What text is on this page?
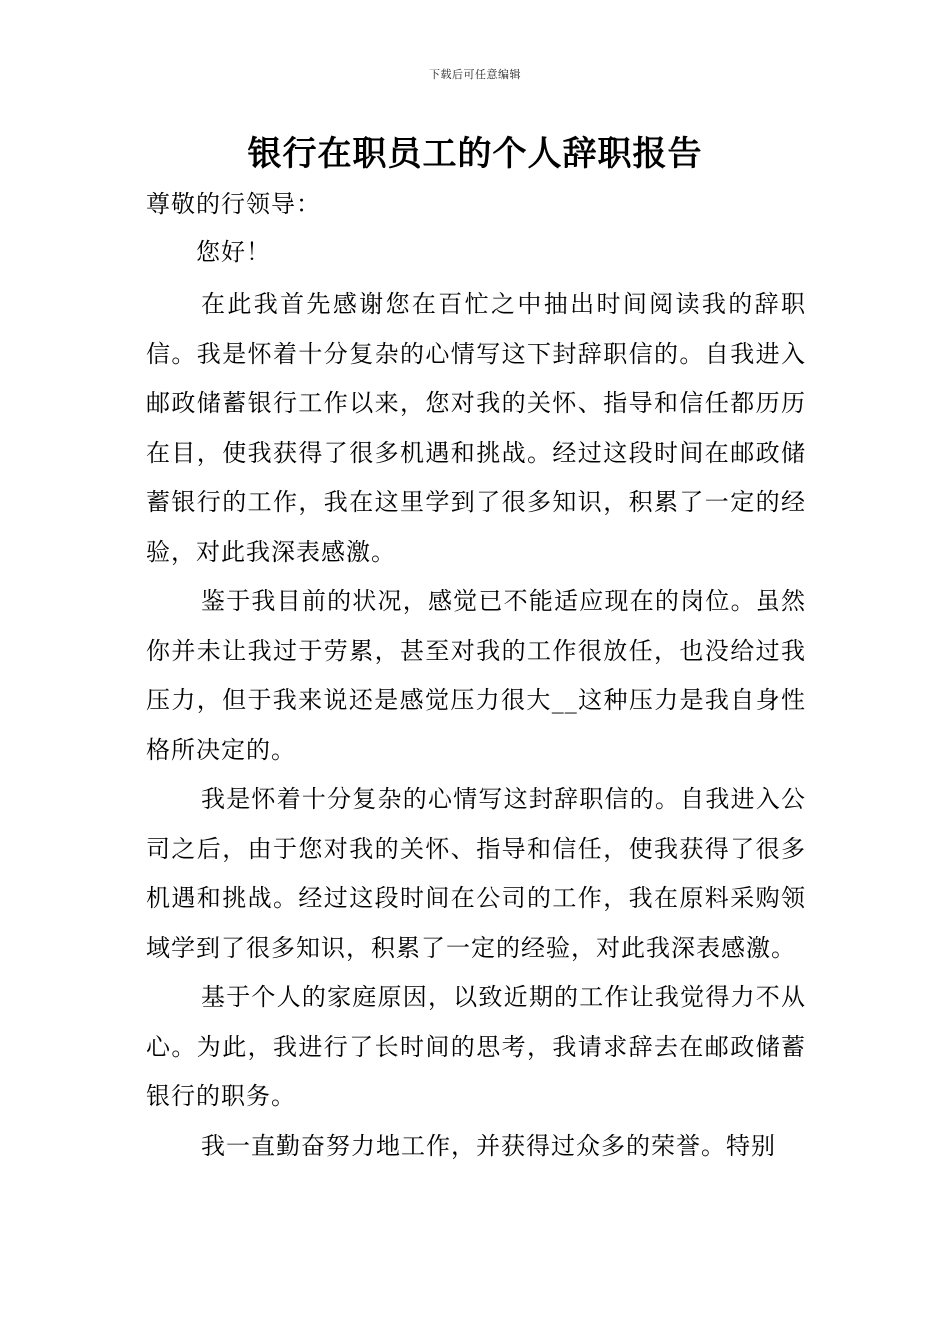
下载后可任意编辑
银行在职员工的个人辞职报告

尊敬的行领导：

您好！

在此我首先感谢您在百忙之中抽出时间阅读我的辞职信。我是怀着十分复杂的心情写这下封辞职信的。自我进入邮政储蓄银行工作以来，您对我的关怀、指导和信任都历历在目，使我获得了很多机遇和挑战。经过这段时间在邮政储蓄银行的工作，我在这里学到了很多知识，积累了一定的经验，对此我深表感激。

鉴于我目前的状况，感觉已不能适应现在的岗位。虽然你并未让我过于劳累，甚至对我的工作很放任，也没给过我压力，但于我来说还是感觉压力很大__这种压力是我自身性格所决定的。

我是怀着十分复杂的心情写这封辞职信的。自我进入公司之后，由于您对我的关怀、指导和信任，使我获得了很多机遇和挑战。经过这段时间在公司的工作，我在原料采购领域学到了很多知识，积累了一定的经验，对此我深表感激。

基于个人的家庭原因，以致近期的工作让我觉得力不从心。为此，我进行了长时间的思考，我请求辞去在邮政储蓄银行的职务。

我一直勤奋努力地工作，并获得过众多的荣誉。特别
